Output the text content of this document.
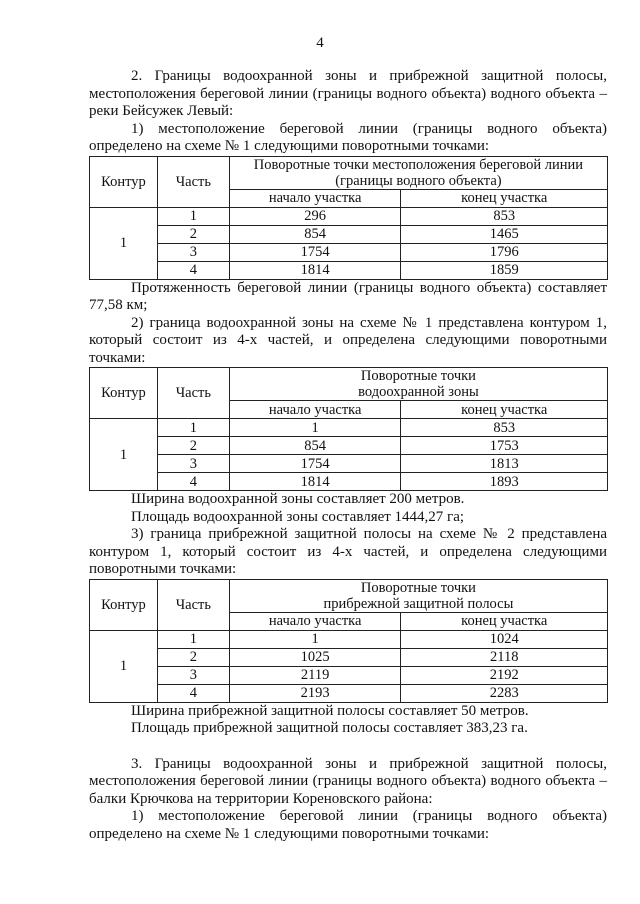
4

2. Границы водоохранной зоны и прибрежной защитной полосы, местоположения береговой линии (границы водного объекта) водного объекта – реки Бейсужек Левый:

1) местоположение береговой линии (границы водного объекта) определено на схеме № 1 следующими поворотными точками:

Контур	Часть	Поворотные точки местоположения береговой линии (границы водного объекта)	

		начало участка	конец участка
1	1	296	853
	2	854	1465
	3	1754	1796
	4	1814	1859

Протяженность береговой линии (границы водного объекта) составляет 77,58 км;

2) граница водоохранной зоны на схеме № 1 представлена контуром 1, который состоит из 4-х частей, и определена следующими поворотными точками:

Контур	Часть	Поворотные точки
водоохранной зоны	

		начало участка	конец участка
1	1	1	853
	2	854	1753
	3	1754	1813
	4	1814	1893

Ширина водоохранной зоны составляет 200 метров.

Площадь водоохранной зоны составляет 1444,27 га;

3) граница прибрежной защитной полосы на схеме № 2 представлена контуром 1, который состоит из 4-х частей, и определена следующими поворотными точками:

Контур	Часть	Поворотные точки
прибрежной защитной полосы	

		начало участка	конец участка
1	1	1	1024
	2	1025	2118
	3	2119	2192
	4	2193	2283

Ширина прибрежной защитной полосы составляет 50 метров.

Площадь прибрежной защитной полосы составляет 383,23 га.

3. Границы водоохранной зоны и прибрежной защитной полосы, местоположения береговой линии (границы водного объекта) водного объекта – балки Крючкова на территории Кореновского района:

1) местоположение береговой линии (границы водного объекта) определено на схеме № 1 следующими поворотными точками:
